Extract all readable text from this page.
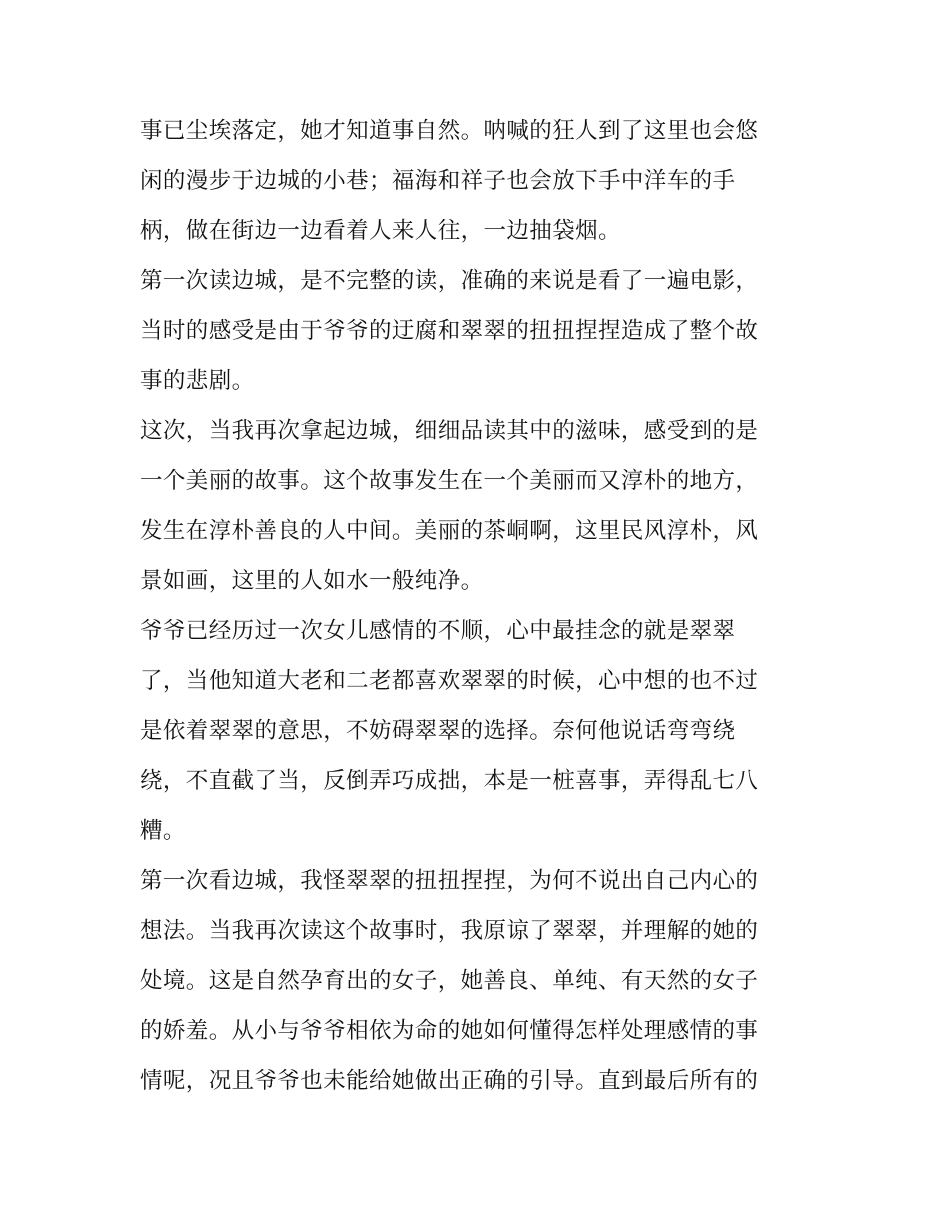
事已尘埃落定，她才知道事自然。呐喊的狂人到了这里也会悠
闲的漫步于边城的小巷；福海和祥子也会放下手中洋车的手
柄，做在街边一边看着人来人往，一边抽袋烟。
第一次读边城，是不完整的读，准确的来说是看了一遍电影，
当时的感受是由于爷爷的迂腐和翠翠的扭扭捏捏造成了整个故
事的悲剧。
这次，当我再次拿起边城，细细品读其中的滋味，感受到的是
一个美丽的故事。这个故事发生在一个美丽而又淳朴的地方，
发生在淳朴善良的人中间。美丽的茶峒啊，这里民风淳朴，风
景如画，这里的人如水一般纯净。
爷爷已经历过一次女儿感情的不顺，心中最挂念的就是翠翠
了，当他知道大老和二老都喜欢翠翠的时候，心中想的也不过
是依着翠翠的意思，不妨碍翠翠的选择。奈何他说话弯弯绕
绕，不直截了当，反倒弄巧成拙，本是一桩喜事，弄得乱七八
糟。
第一次看边城，我怪翠翠的扭扭捏捏，为何不说出自己内心的
想法。当我再次读这个故事时，我原谅了翠翠，并理解的她的
处境。这是自然孕育出的女子，她善良、单纯、有天然的女子
的娇羞。从小与爷爷相依为命的她如何懂得怎样处理感情的事
情呢，况且爷爷也未能给她做出正确的引导。直到最后所有的
